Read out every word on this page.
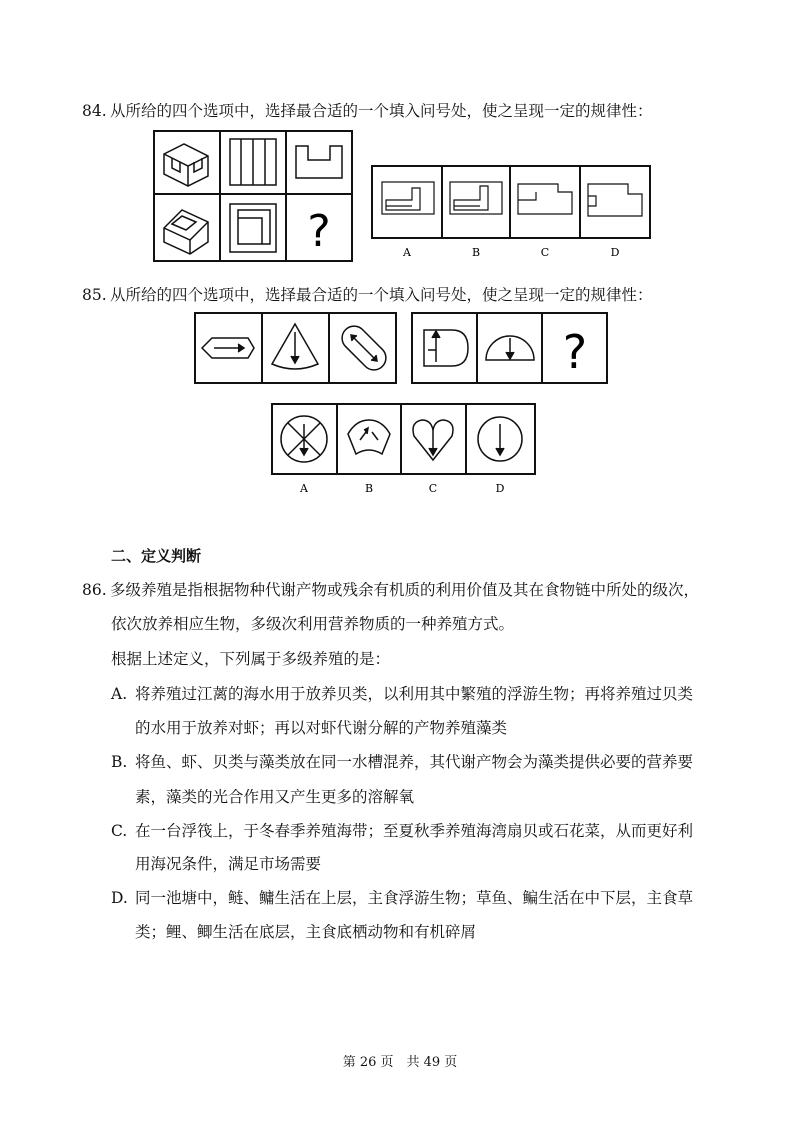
84. 从所给的四个选项中，选择最合适的一个填入问号处，使之呈现一定的规律性：
?	A	B	C	D
85. 从所给的四个选项中，选择最合适的一个填入问号处，使之呈现一定的规律性：
?
A	B	C	D
二、定义判断
86. 多级养殖是指根据物种代谢产物或残余有机质的利用价值及其在食物链中所处的级次，
依次放养相应生物，多级次利用营养物质的一种养殖方式。
根据上述定义，下列属于多级养殖的是：
A. 将养殖过江蓠的海水用于放养贝类，以利用其中繁殖的浮游生物；再将养殖过贝类
的水用于放养对虾；再以对虾代谢分解的产物养殖藻类
B. 将鱼、虾、贝类与藻类放在同一水槽混养，其代谢产物会为藻类提供必要的营养要
素，藻类的光合作用又产生更多的溶解氧
C. 在一台浮筏上，于冬春季养殖海带；至夏秋季养殖海湾扇贝或石花菜，从而更好利
用海况条件，满足市场需要
D. 同一池塘中，鲢、鳙生活在上层，主食浮游生物；草鱼、鳊生活在中下层，主食草
类；鲤、鲫生活在底层，主食底栖动物和有机碎屑
第 26 页　共 49 页
